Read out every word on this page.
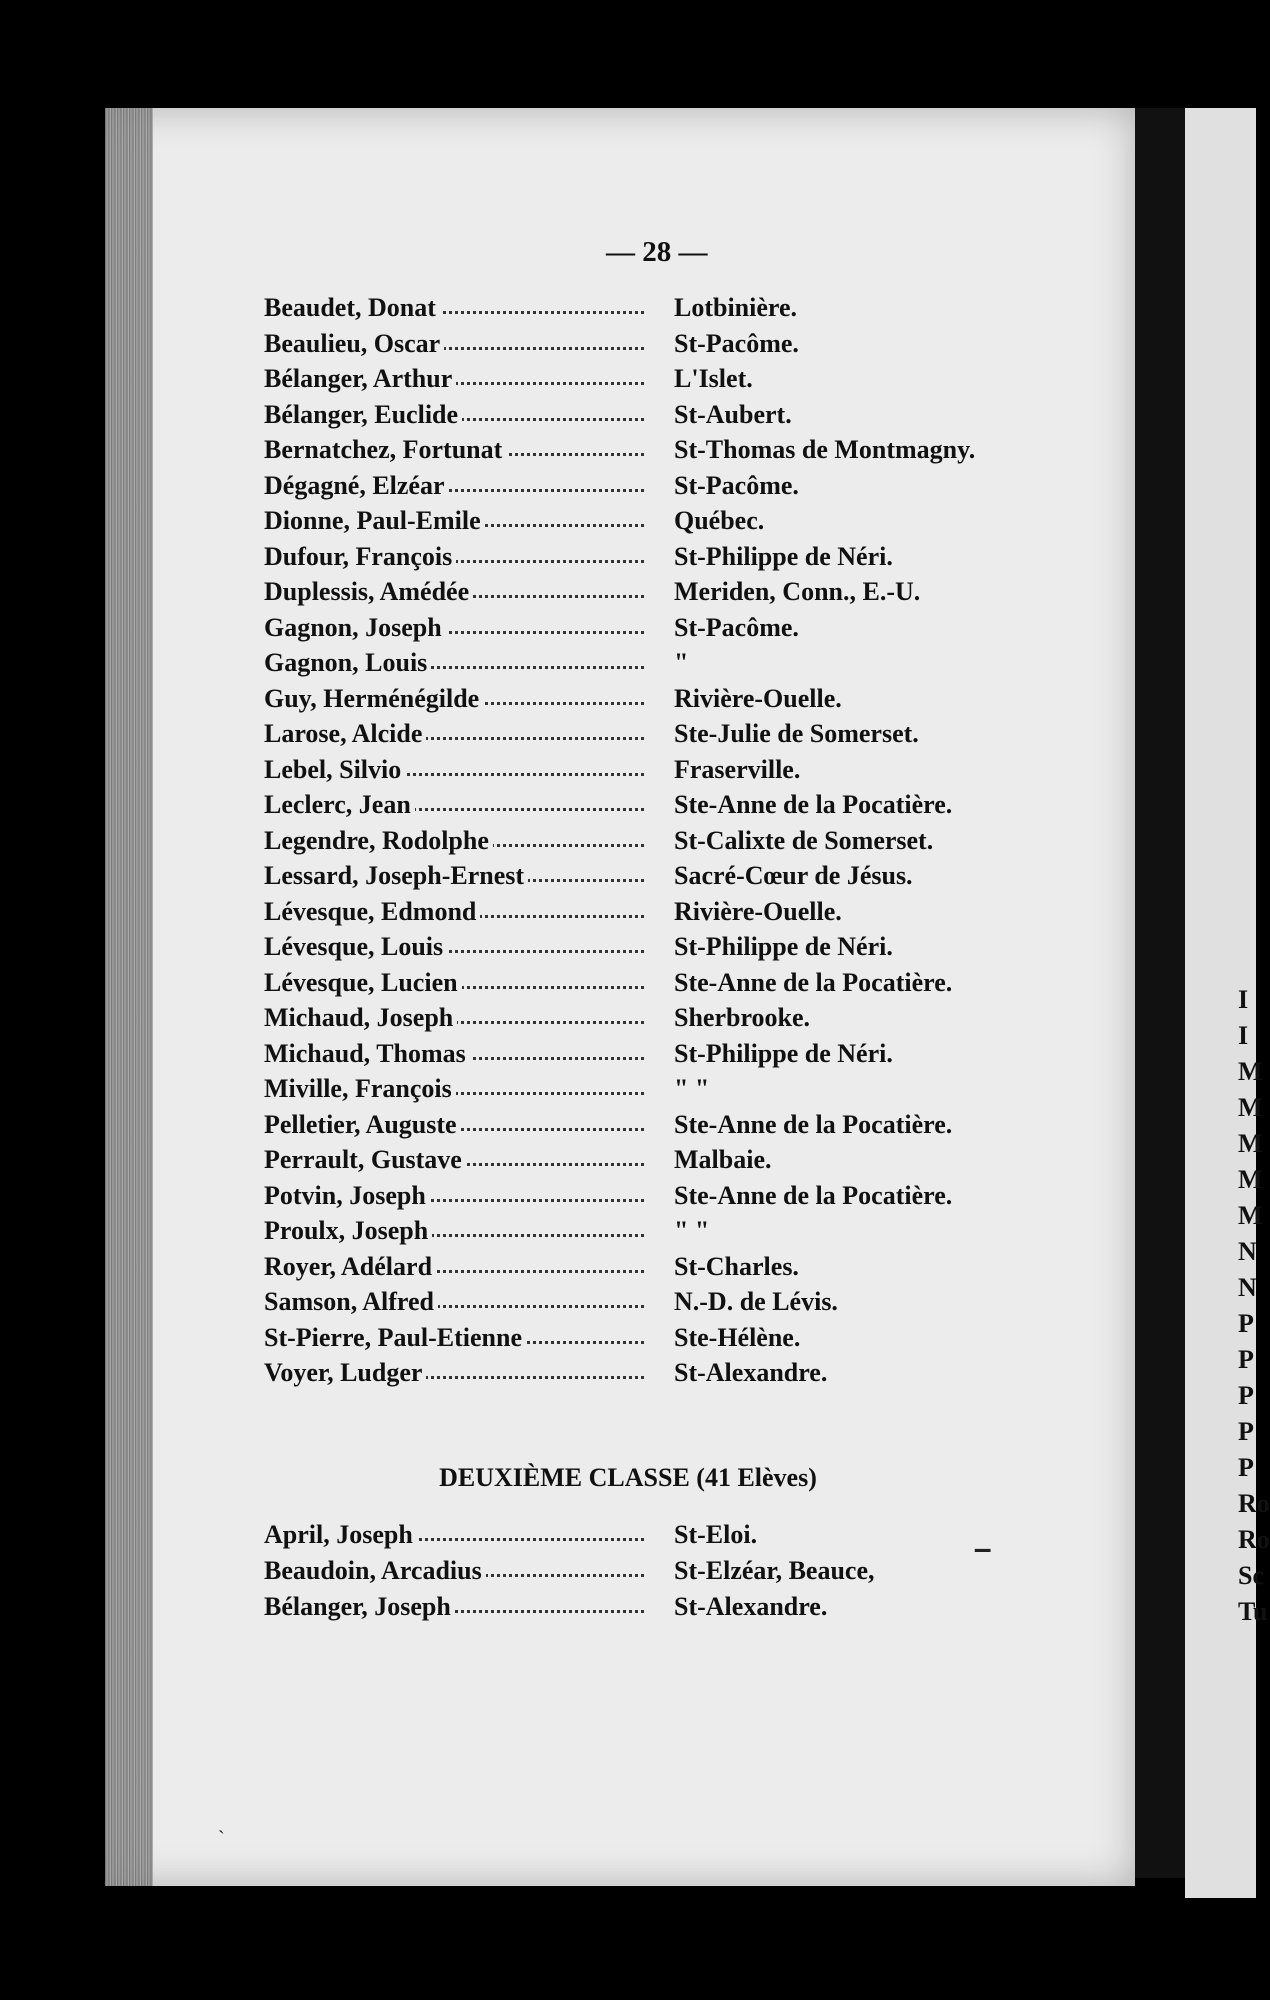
I
I
M
M
M
M
M
N
N
P
P
P
P
P
Ro
Ro
Sc
Tu
— 28 —
Beaudet, Donat	Lotbinière.
Beaulieu, Oscar	St-Pacôme.
Bélanger, Arthur	L'Islet.
Bélanger, Euclide	St-Aubert.
Bernatchez, Fortunat	St-Thomas de Montmagny.
Dégagné, Elzéar	St-Pacôme.
Dionne, Paul-Emile	Québec.
Dufour, François	St-Philippe de Néri.
Duplessis, Amédée	Meriden, Conn., E.-U.
Gagnon, Joseph	St-Pacôme.
Gagnon, Louis	"
Guy, Herménégilde	Rivière-Ouelle.
Larose, Alcide	Ste-Julie de Somerset.
Lebel, Silvio	Fraserville.
Leclerc, Jean	Ste-Anne de la Pocatière.
Legendre, Rodolphe	St-Calixte de Somerset.
Lessard, Joseph-Ernest	Sacré-Cœur de Jésus.
Lévesque, Edmond	Rivière-Ouelle.
Lévesque, Louis	St-Philippe de Néri.
Lévesque, Lucien	Ste-Anne de la Pocatière.
Michaud, Joseph	Sherbrooke.
Michaud, Thomas	St-Philippe de Néri.
Miville, François	" "
Pelletier, Auguste	Ste-Anne de la Pocatière.
Perrault, Gustave	Malbaie.
Potvin, Joseph	Ste-Anne de la Pocatière.
Proulx, Joseph	" "
Royer, Adélard	St-Charles.
Samson, Alfred	N.-D. de Lévis.
St-Pierre, Paul-Etienne	Ste-Hélène.
Voyer, Ludger	St-Alexandre.
DEUXIÈME CLASSE (41 Elèves)
April, Joseph	St-Eloi.
Beaudoin, Arcadius	St-Elzéar, Beauce,
Bélanger, Joseph	St-Alexandre.
▁
ˏ
